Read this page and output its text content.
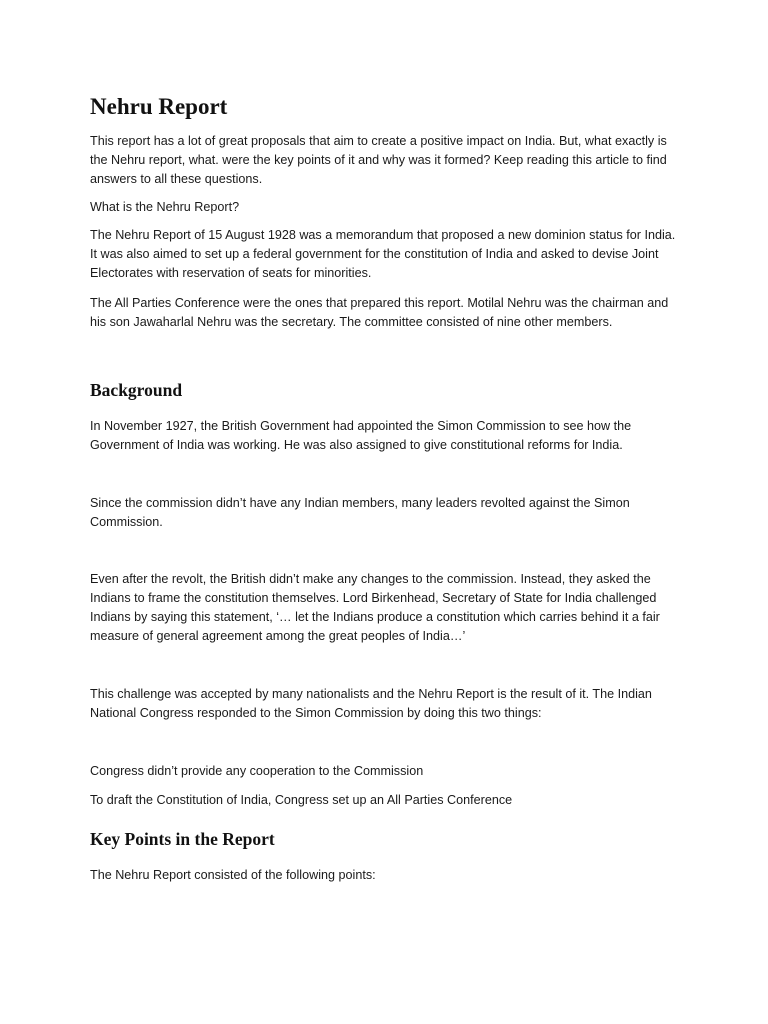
Nehru Report

This report has a lot of great proposals that aim to create a positive impact on India. But, what exactly is the Nehru report, what. were the key points of it and why was it formed? Keep reading this article to find answers to all these questions.

What is the Nehru Report?

The Nehru Report of 15 August 1928 was a memorandum that proposed a new dominion status for India. It was also aimed to set up a federal government for the constitution of India and asked to devise Joint Electorates with reservation of seats for minorities.

The All Parties Conference were the ones that prepared this report. Motilal Nehru was the chairman and his son Jawaharlal Nehru was the secretary. The committee consisted of nine other members.

Background

In November 1927, the British Government had appointed the Simon Commission to see how the Government of India was working. He was also assigned to give constitutional reforms for India.

Since the commission didn’t have any Indian members, many leaders revolted against the Simon Commission.

Even after the revolt, the British didn’t make any changes to the commission. Instead, they asked the Indians to frame the constitution themselves. Lord Birkenhead, Secretary of State for India challenged Indians by saying this statement, ‘… let the Indians produce a constitution which carries behind it a fair measure of general agreement among the great peoples of India…’

This challenge was accepted by many nationalists and the Nehru Report is the result of it. The Indian National Congress responded to the Simon Commission by doing this two things:

Congress didn’t provide any cooperation to the Commission

To draft the Constitution of India, Congress set up an All Parties Conference

Key Points in the Report

The Nehru Report consisted of the following points:
